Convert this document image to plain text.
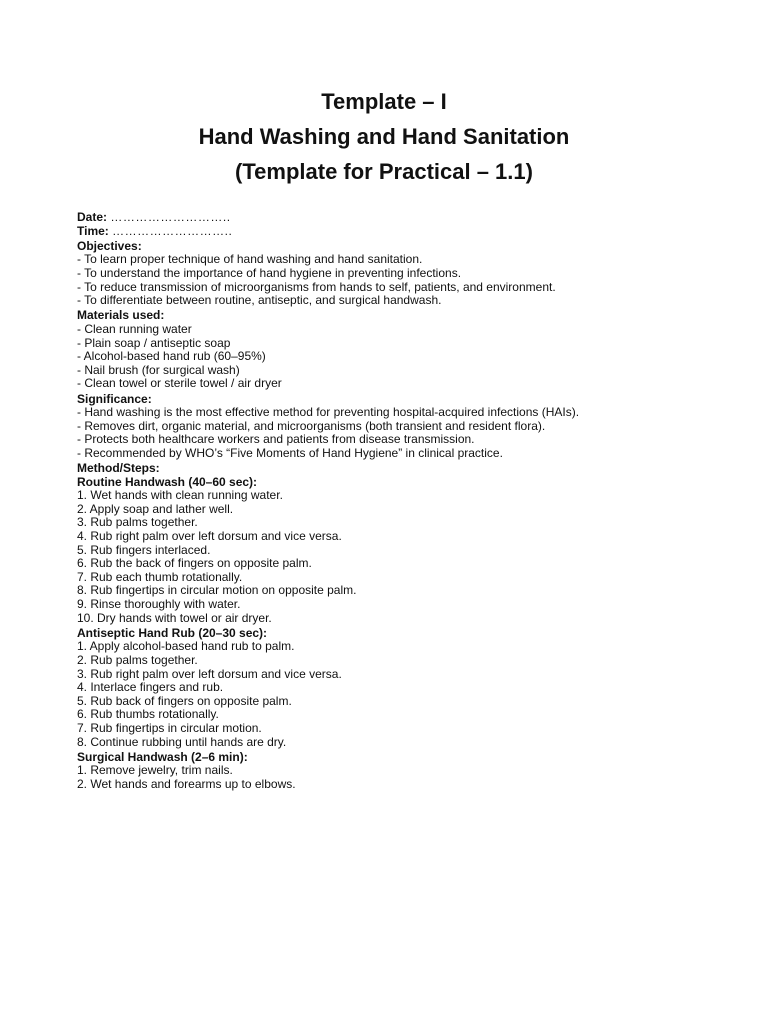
Template – I
Hand Washing and Hand Sanitation
(Template for Practical – 1.1)
Date: ………………………..
Time: ………………………..
Objectives:
- To learn proper technique of hand washing and hand sanitation.
- To understand the importance of hand hygiene in preventing infections.
- To reduce transmission of microorganisms from hands to self, patients, and environment.
- To differentiate between routine, antiseptic, and surgical handwash.
Materials used:
- Clean running water
- Plain soap / antiseptic soap
- Alcohol-based hand rub (60–95%)
- Nail brush (for surgical wash)
- Clean towel or sterile towel / air dryer
Significance:
- Hand washing is the most effective method for preventing hospital-acquired infections (HAIs).
- Removes dirt, organic material, and microorganisms (both transient and resident flora).
- Protects both healthcare workers and patients from disease transmission.
- Recommended by WHO’s “Five Moments of Hand Hygiene” in clinical practice.
Method/Steps:
Routine Handwash (40–60 sec):
1. Wet hands with clean running water.
2. Apply soap and lather well.
3. Rub palms together.
4. Rub right palm over left dorsum and vice versa.
5. Rub fingers interlaced.
6. Rub the back of fingers on opposite palm.
7. Rub each thumb rotationally.
8. Rub fingertips in circular motion on opposite palm.
9. Rinse thoroughly with water.
10. Dry hands with towel or air dryer.
Antiseptic Hand Rub (20–30 sec):
1. Apply alcohol-based hand rub to palm.
2. Rub palms together.
3. Rub right palm over left dorsum and vice versa.
4. Interlace fingers and rub.
5. Rub back of fingers on opposite palm.
6. Rub thumbs rotationally.
7. Rub fingertips in circular motion.
8. Continue rubbing until hands are dry.
Surgical Handwash (2–6 min):
1. Remove jewelry, trim nails.
2. Wet hands and forearms up to elbows.
